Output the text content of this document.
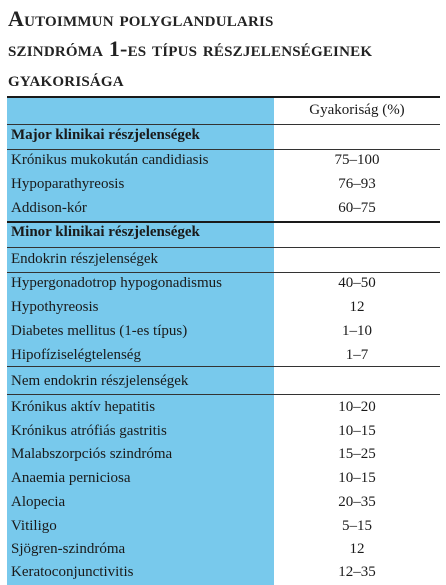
Autoimmun polyglandularis
szindróma 1-es típus részjelenségeinek
gyakorisága
Gyakoriság (%)
Major klinikai részjelenségek
Krónikus mukokután candidiasis	75–100
Hypoparathyreosis	76–93
Addison-kór	60–75
Minor klinikai részjelenségek
Endokrin részjelenségek
Hypergonadotrop hypogonadismus	40–50
Hypothyreosis	12
Diabetes mellitus (1-es típus)	1–10
Hipofíziselégtelenség	1–7
Nem endokrin részjelenségek
Krónikus aktív hepatitis	10–20
Krónikus atrófiás gastritis	10–15
Malabszorpciós szindróma	15–25
Anaemia perniciosa	10–15
Alopecia	20–35
Vitiligo	5–15
Sjögren-szindróma	12
Keratoconjunctivitis	12–35
